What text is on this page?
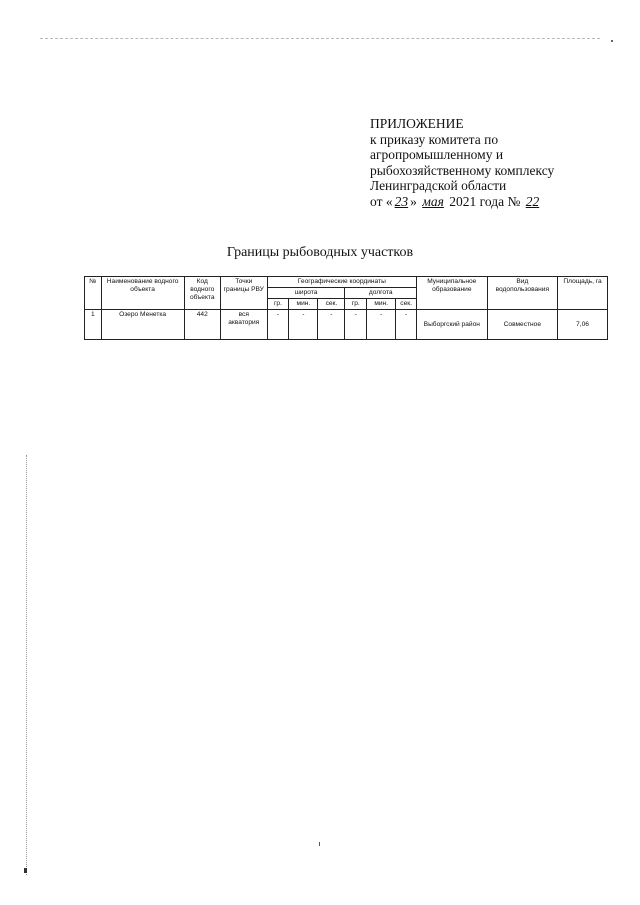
ПРИЛОЖЕНИЕ
к приказу комитета по
агропромышленному и
рыбохозяйственному комплексу
Ленинградской области
от « 23 » мая 2021 года № 22
Границы рыбоводных участков
№	Наименование водного объекта	Код водного объекта	Точки границы РВУ	Географические координаты						Муниципальное образование	Вид водопользования	Площадь, га
				широта			долгота					
				гр.	мин.	сек.	гр.	мин.	сек.			
1	Озеро Менетка	442	вся акватория	-	-	-	-	-	-	Выборгский район	Совместное	7,06
